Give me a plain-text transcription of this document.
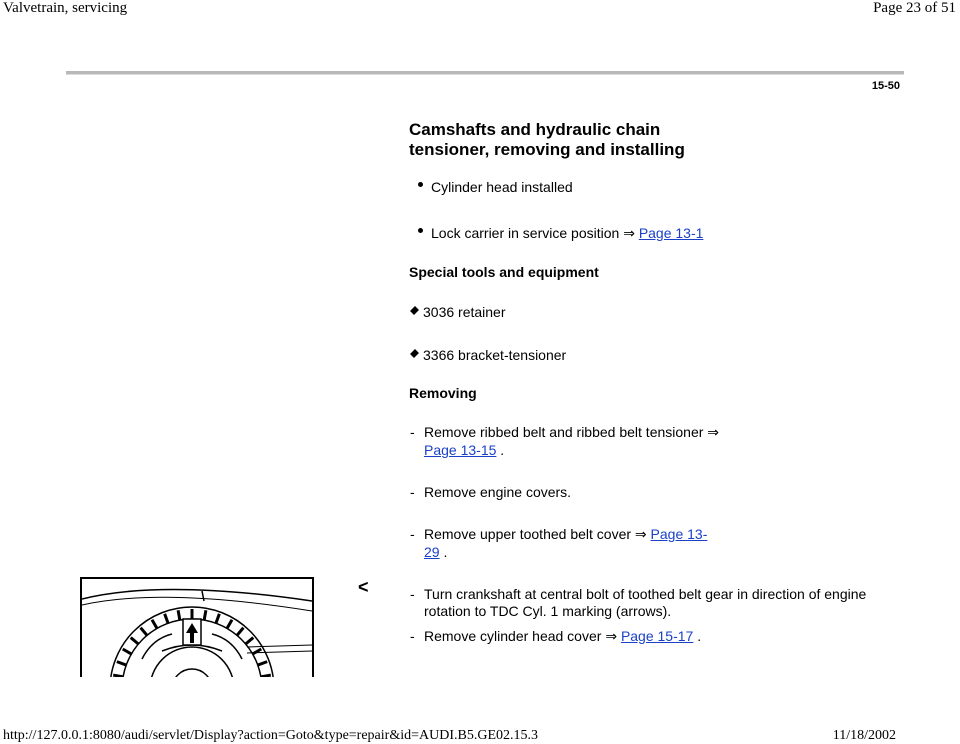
Valvetrain, servicing	Page 23 of 51
15-50
Camshafts and hydraulic chain
tensioner, removing and installing
Cylinder head installed
Lock carrier in service position ⇒ Page 13-1
Special tools and equipment
3036 retainer
3366 bracket-tensioner
Removing
- Remove ribbed belt and ribbed belt tensioner ⇒
Page 13-15 .
- Remove engine covers.
- Remove upper toothed belt cover ⇒ Page 13-
29 .
<	- Turn crankshaft at central bolt of toothed belt gear in direction of engine
rotation to TDC Cyl. 1 marking (arrows).
- Remove cylinder head cover ⇒ Page 15-17 .
http://127.0.0.1:8080/audi/servlet/Display?action=Goto&type=repair&id=AUDI.B5.GE02.15.3	11/18/2002
